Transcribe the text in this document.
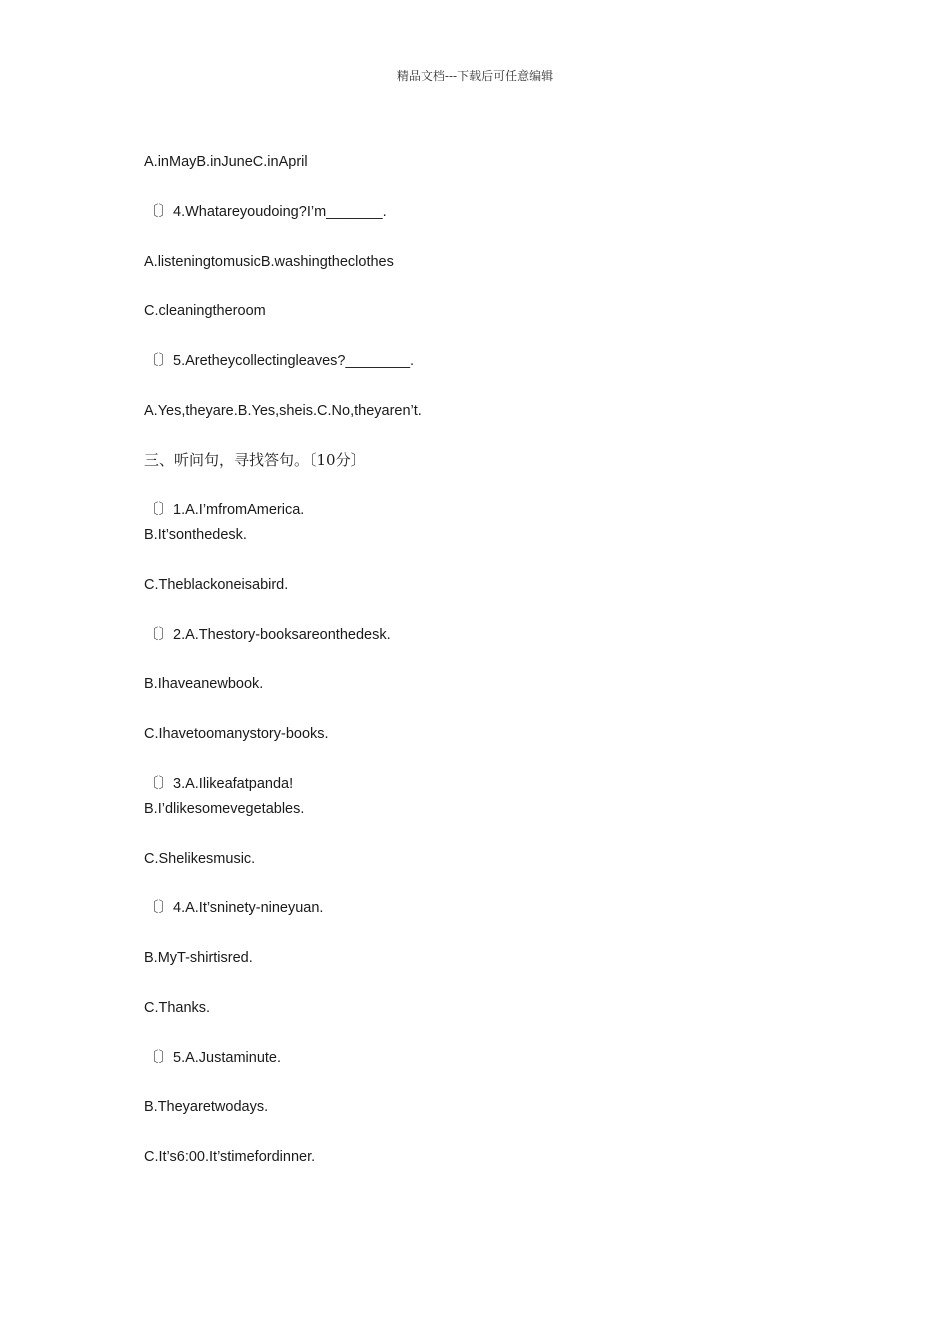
精品文档---下载后可任意编辑
A.inMayB.inJuneC.inApril
〔〕4.Whatareyoudoing?I’m_______.
A.listeningtomusicB.washingtheclothes
C.cleaningtheroom
〔〕5.Aretheycollectingleaves?________.
A.Yes,theyare.B.Yes,sheis.C.No,theyaren’t.
三、听问句，寻找答句。〔10分〕
〔〕1.A.I’mfromAmerica.
B.It’sonthedesk.
C.Theblackoneisabird.
〔〕2.A.Thestory-booksareonthedesk.
B.Ihaveanewbook.
C.Ihavetoomanystory-books.
〔〕3.A.Ilikeafatpanda!
B.I’dlikesomevegetables.
C.Shelikesmusic.
〔〕4.A.It’sninety-nineyuan.
B.MyT-shirtisred.
C.Thanks.
〔〕5.A.Justaminute.
B.Theyaretwodays.
C.It’s6:00.It’stimefordinner.
